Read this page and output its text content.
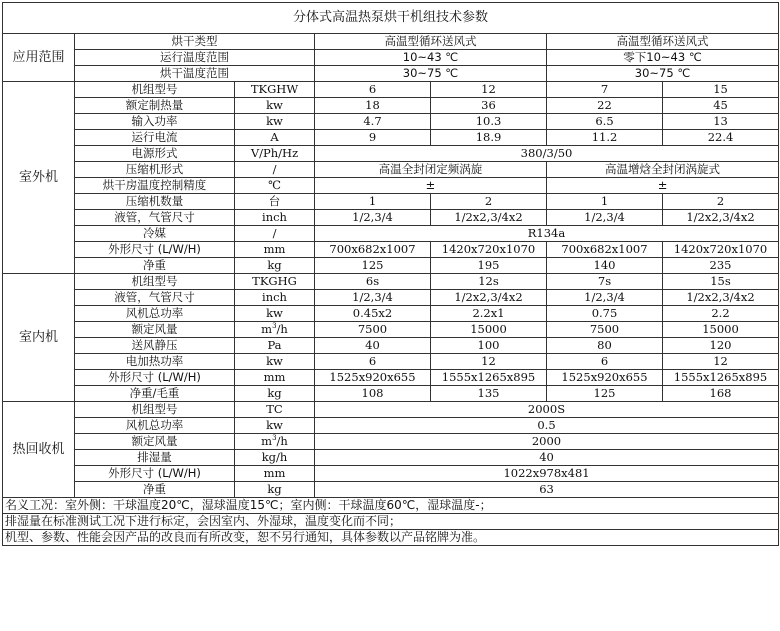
分体式高温热泵烘干机组技术参数						
应用范围	烘干类型		高温型循环送风式		高温型循环送风式	
	运行温度范围		10~43 ℃		零下10~43 ℃	
	烘干温度范围		30~75 ℃		30~75 ℃	
室外机	机组型号	TKGHW	6	12	7	15
	额定制热量	kw	18	36	22	45
	输入功率	kw	4.7	10.3	6.5	13
	运行电流	A	9	18.9	11.2	22.4
	电源形式	V/Ph/Hz	380/3/50			
	压缩机形式	/	高温全封闭定频涡旋		高温增焓全封闭涡旋式	
	烘干房温度控制精度	℃	±		±	
	压缩机数量	台	1	2	1	2
	液管，气管尺寸	inch	1/2,3/4	1/2x2,3/4x2	1/2,3/4	1/2x2,3/4x2
	冷媒	/	R134a			
	外形尺寸 (L/W/H)	mm	700x682x1007	1420x720x1070	700x682x1007	1420x720x1070
	净重	kg	125	195	140	235
室内机	机组型号	TKGHG	6s	12s	7s	15s
	液管，气管尺寸	inch	1/2,3/4	1/2x2,3/4x2	1/2,3/4	1/2x2,3/4x2
	风机总功率	kw	0.45x2	2.2x1	0.75	2.2
	额定风量	$m^3/h$	7500	15000	7500	15000
	送风静压	Pa	40	100	80	120
	电加热功率	kw	6	12	6	12
	外形尺寸 (L/W/H)	mm	1525x920x655	1555x1265x895	1525x920x655	1555x1265x895
	净重/毛重	kg	108	135	125	168
热回收机	机组型号	TC	2000S			
	风机总功率	kw	0.5			
	额定风量	$m^3/h$	2000			
	排湿量	kg/h	40			
	外形尺寸 (L/W/H)	mm	1022x978x481			
	净重	kg	63			
名义工况：室外侧：干球温度20℃，湿球温度15℃；室内侧：干球温度60℃，湿球温度-；						
排湿量在标准测试工况下进行标定，会因室内、外湿球，温度变化而不同；						
机型、参数、性能会因产品的改良而有所改变，恕不另行通知，具体参数以产品铭牌为准。						
